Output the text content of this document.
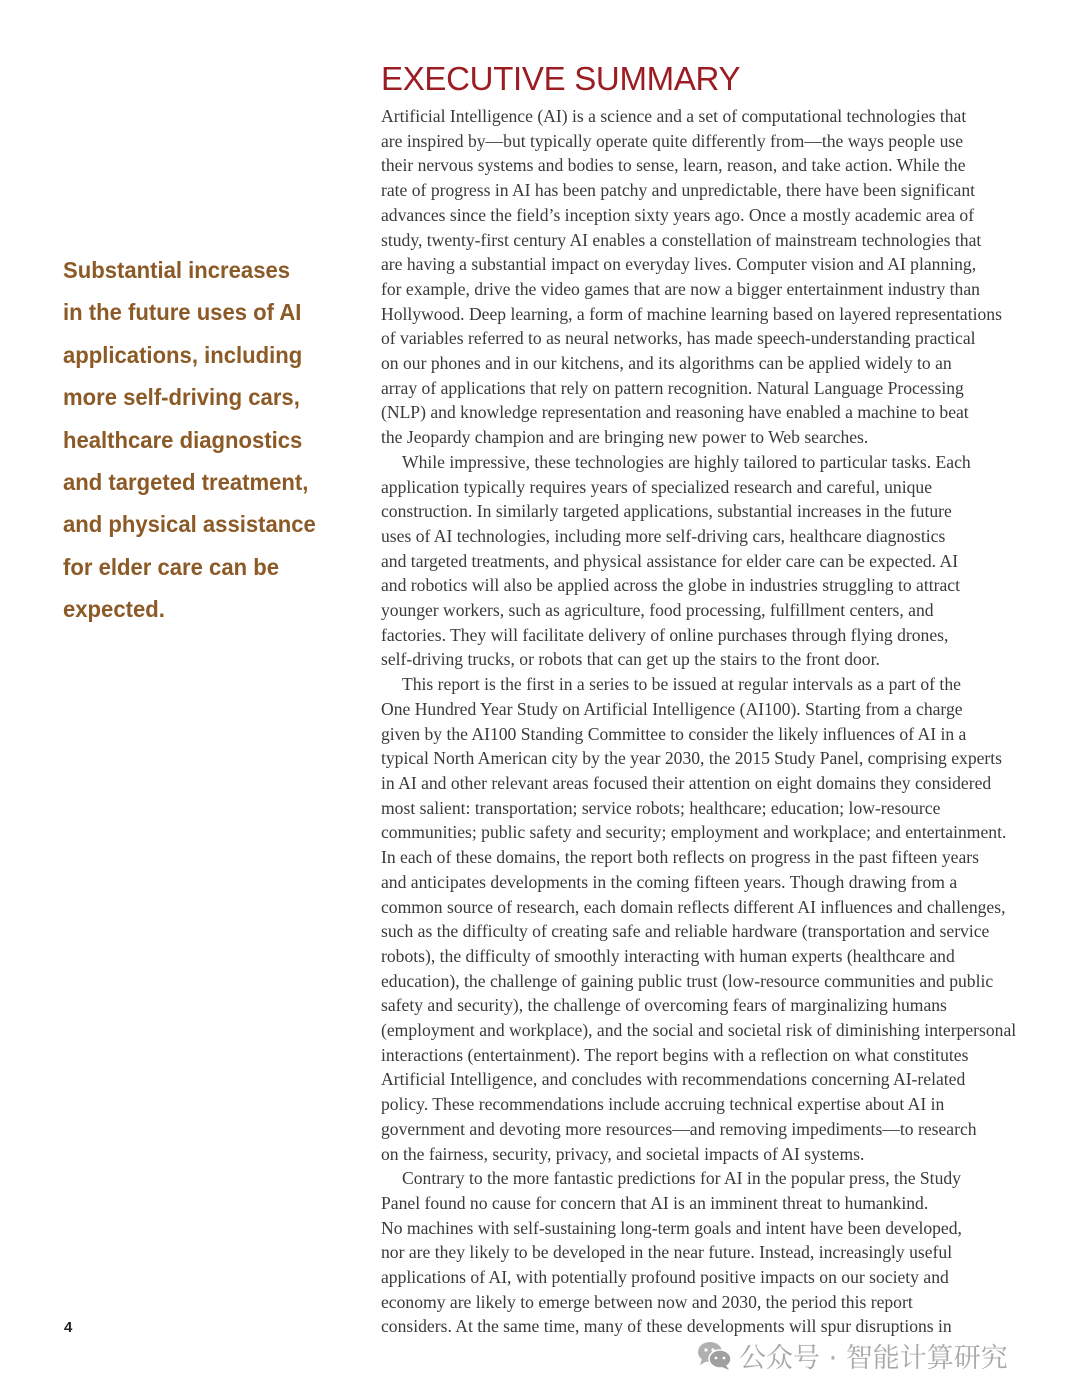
EXECUTIVE SUMMARY
Substantial increases
in the future uses of AI
applications, including
more self-driving cars,
healthcare diagnostics
and targeted treatment,
and physical assistance
for elder care can be
expected.
Artificial Intelligence (AI) is a science and a set of computational technologies that
are inspired by—but typically operate quite differently from—the ways people use
their nervous systems and bodies to sense, learn, reason, and take action. While the
rate of progress in AI has been patchy and unpredictable, there have been significant
advances since the field’s inception sixty years ago. Once a mostly academic area of
study, twenty-first century AI enables a constellation of mainstream technologies that
are having a substantial impact on everyday lives. Computer vision and AI planning,
for example, drive the video games that are now a bigger entertainment industry than
Hollywood. Deep learning, a form of machine learning based on layered representations
of variables referred to as neural networks, has made speech-understanding practical
on our phones and in our kitchens, and its algorithms can be applied widely to an
array of applications that rely on pattern recognition. Natural Language Processing
(NLP) and knowledge representation and reasoning have enabled a machine to beat
the Jeopardy champion and are bringing new power to Web searches.
While impressive, these technologies are highly tailored to particular tasks. Each
application typically requires years of specialized research and careful, unique
construction. In similarly targeted applications, substantial increases in the future
uses of AI technologies, including more self-driving cars, healthcare diagnostics
and targeted treatments, and physical assistance for elder care can be expected. AI
and robotics will also be applied across the globe in industries struggling to attract
younger workers, such as agriculture, food processing, fulfillment centers, and
factories. They will facilitate delivery of online purchases through flying drones,
self-driving trucks, or robots that can get up the stairs to the front door.
This report is the first in a series to be issued at regular intervals as a part of the
One Hundred Year Study on Artificial Intelligence (AI100). Starting from a charge
given by the AI100 Standing Committee to consider the likely influences of AI in a
typical North American city by the year 2030, the 2015 Study Panel, comprising experts
in AI and other relevant areas focused their attention on eight domains they considered
most salient: transportation; service robots; healthcare; education; low-resource
communities; public safety and security; employment and workplace; and entertainment.
In each of these domains, the report both reflects on progress in the past fifteen years
and anticipates developments in the coming fifteen years. Though drawing from a
common source of research, each domain reflects different AI influences and challenges,
such as the difficulty of creating safe and reliable hardware (transportation and service
robots), the difficulty of smoothly interacting with human experts (healthcare and
education), the challenge of gaining public trust (low-resource communities and public
safety and security), the challenge of overcoming fears of marginalizing humans
(employment and workplace), and the social and societal risk of diminishing interpersonal
interactions (entertainment). The report begins with a reflection on what constitutes
Artificial Intelligence, and concludes with recommendations concerning AI-related
policy. These recommendations include accruing technical expertise about AI in
government and devoting more resources—and removing impediments—to research
on the fairness, security, privacy, and societal impacts of AI systems.
Contrary to the more fantastic predictions for AI in the popular press, the Study
Panel found no cause for concern that AI is an imminent threat to humankind.
No machines with self-sustaining long-term goals and intent have been developed,
nor are they likely to be developed in the near future. Instead, increasingly useful
applications of AI, with potentially profound positive impacts on our society and
economy are likely to emerge between now and 2030, the period this report
considers. At the same time, many of these developments will spur disruptions in
4
公众号 · 智能计算研究
